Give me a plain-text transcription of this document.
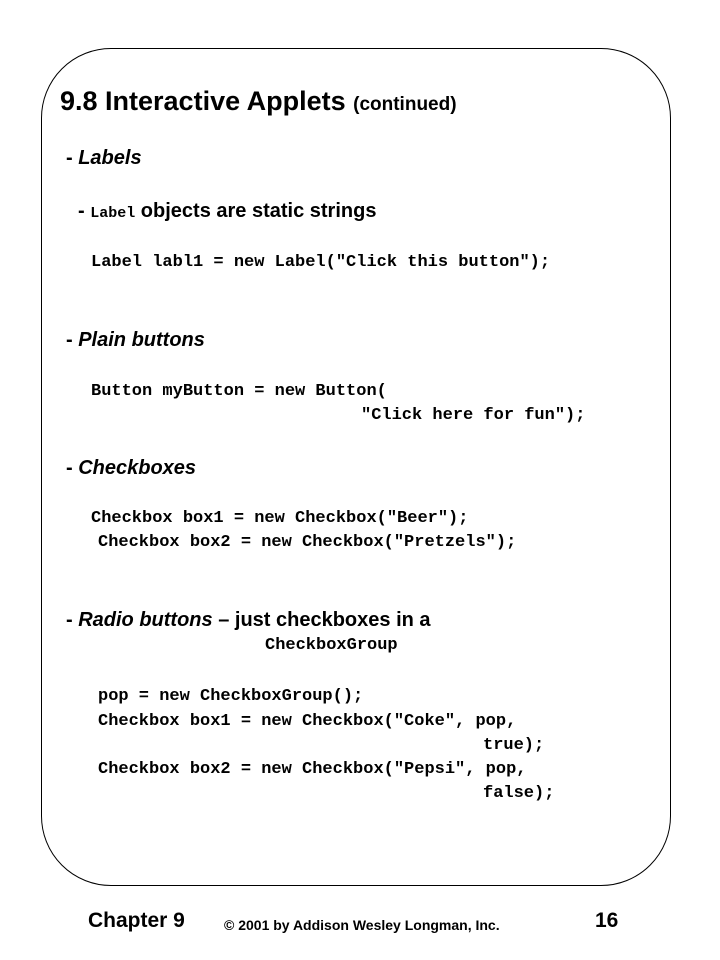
9.8 Interactive Applets (continued)
- Labels
- Label objects are static strings
Label labl1 = new Label("Click this button");
- Plain buttons
Button myButton = new Button(
"Click here for fun");
- Checkboxes
Checkbox box1 = new Checkbox("Beer");
Checkbox box2 = new Checkbox("Pretzels");
- Radio buttons – just checkboxes in a
CheckboxGroup
pop = new CheckboxGroup();
Checkbox box1 = new Checkbox("Coke", pop,
true);
Checkbox box2 = new Checkbox("Pepsi", pop,
false);
Chapter 9	© 2001 by Addison Wesley Longman, Inc.	16
